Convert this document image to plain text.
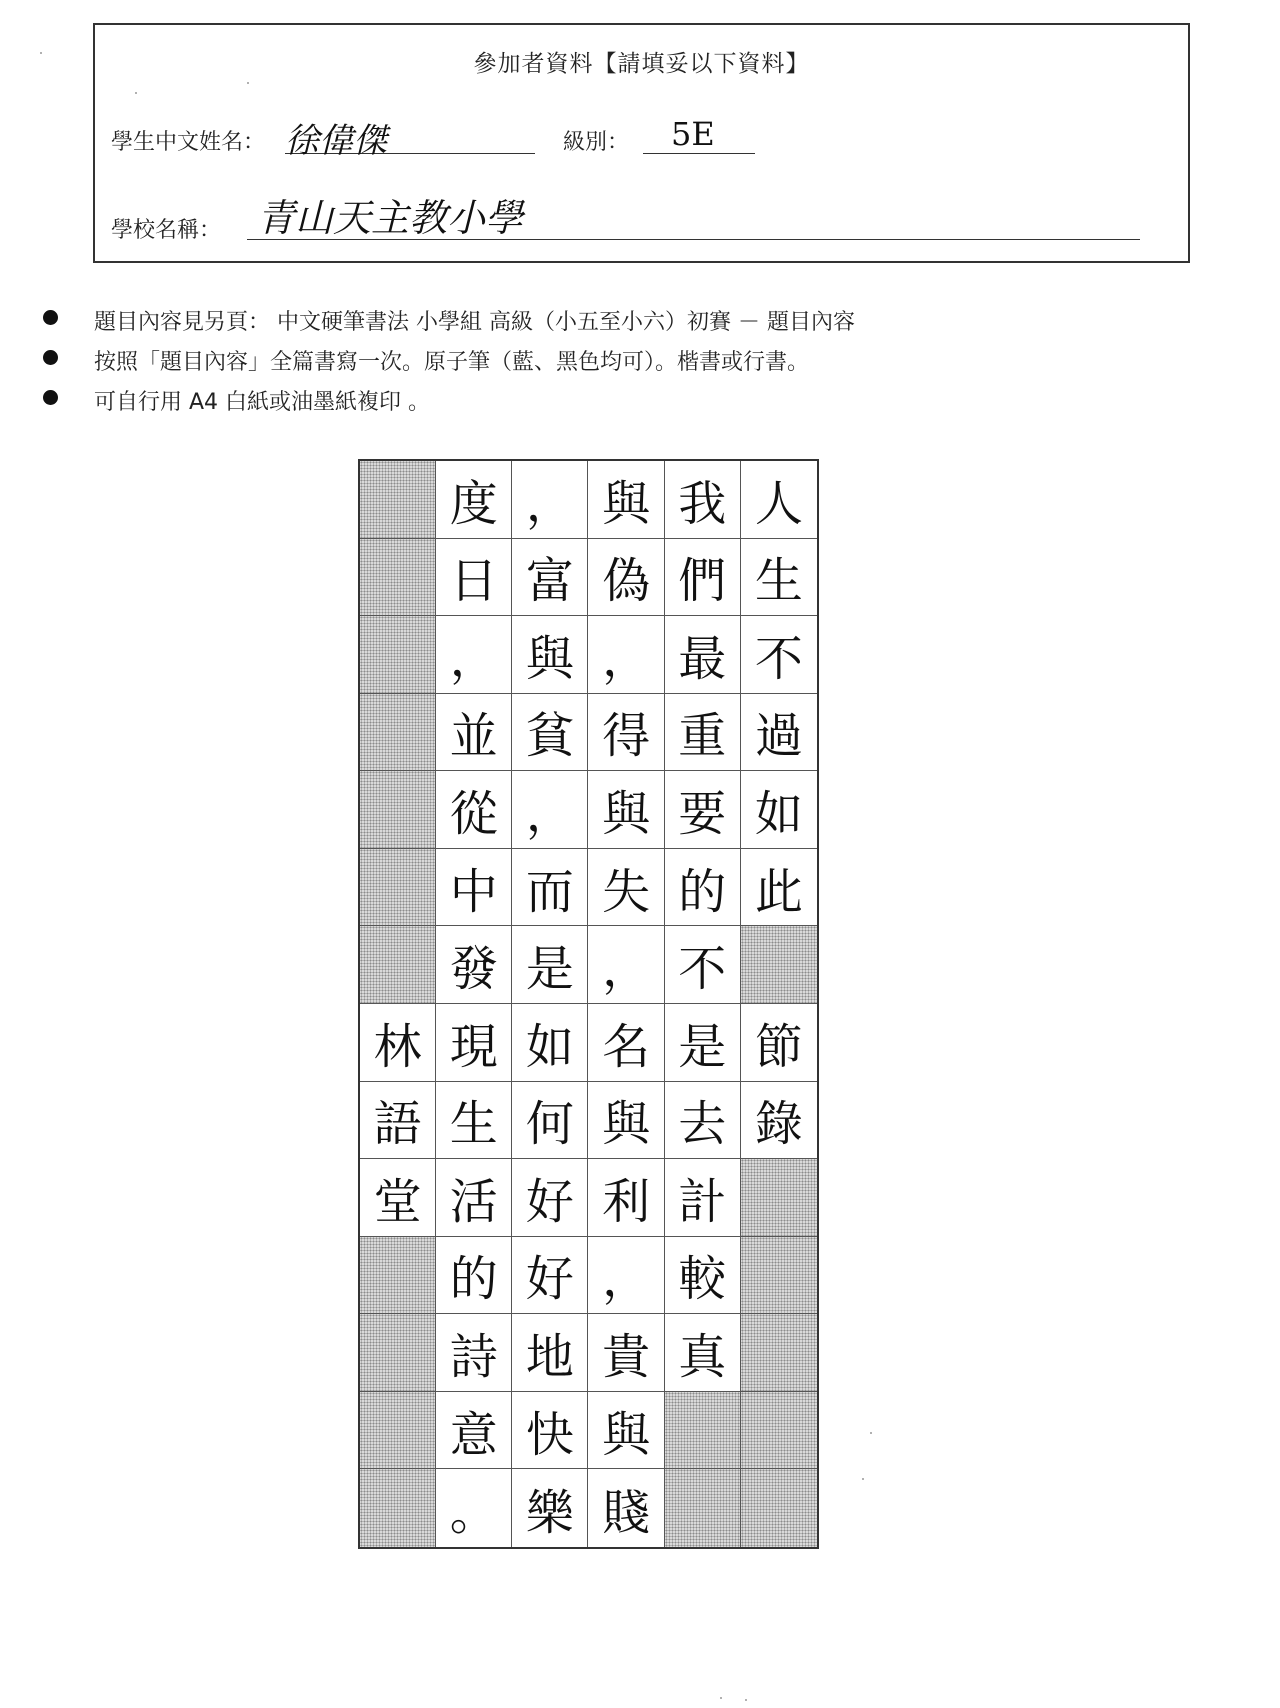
參加者資料【請填妥以下資料】
學生中文姓名： 徐偉傑	級別： 5E
學校名稱： 青山天主教小學
題目內容見另頁： 中文硬筆書法 小學組 高級（小五至小六）初賽 － 題目內容
按照「題目內容」全篇書寫一次。原子筆（藍、黑色均可）。楷書或行書。
可自行用 A4 白紙或油墨紙複印 。
度 ， 與 我 人
日 富 偽 們 生
， 與 ， 最 不
並 貧 得 重 過
從 ， 與 要 如
中 而 失 的 此
發 是 ， 不
林 現 如 名 是 節
語 生 何 與 去 錄
堂 活 好 利 計
的 好 ， 較
詩 地 貴 真
意 快 與
。 樂 賤
